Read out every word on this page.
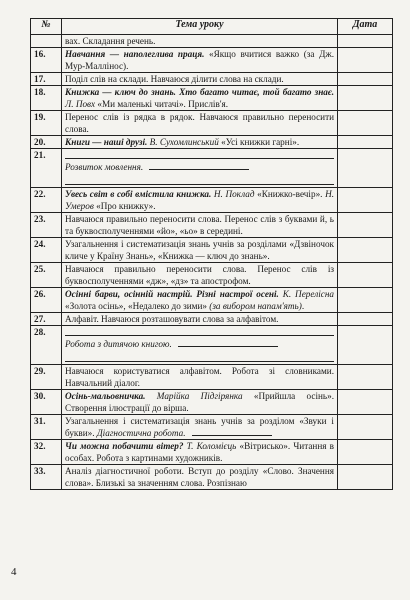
№	Тема уроку	Дата
	вах. Складання речень.	
16.	Навчання — наполеглива праця. «Якщо вчитися важко (за Дж. Мур-Маллінос).	
17.	Поділ слів на склади. Навчаюся ділити слова на склади.	
18.	Книжка — ключ до знань. Хто багато читає, той багато знає. Л. Повх «Ми маленькі читачі». Прислів'я.	
19.	Перенос слів із рядка в рядок. Навчаюся правильно переносити слова.	
20.	Книги — наші друзі. В. Сухомлинський «Усі книжки гарні».	
21.	Розвиток мовлення.

22.	Увесь світ в собі вмістила книжка. Н. Поклад «Книжко-вечір». Н. Умеров «Про книжку».	
23.	Навчаюся правильно переносити слова. Перенос слів з буквами й, ь та буквосполученнями «йо», «ьо» в середині.	
24.	Узагальнення і систематизація знань учнів за розділами «Дзвіночок кличе у Країну Знань», «Книжка — ключ до знань».	
25.	Навчаюся правильно переносити слова. Перенос слів із буквосполученнями «дж», «дз» та апострофом.	
26.	Осінні барви, осінній настрій. Різні настрої осені. К. Перелісна «Золота осінь», «Недалеко до зими» (за вибором напам'ять).	
27.	Алфавіт. Навчаюся розташовувати слова за алфавітом.	
28.	Робота з дитячою книгою.

29.	Навчаюся користуватися алфавітом. Робота зі словниками. Навчальний діалог.	
30.	Осінь-мальовничка. Марійка Підгірянка «Прийшла осінь». Створення ілюстрації до вірша.	
31.	Узагальнення і систематизація знань учнів за розділом «Звуки і букви». Діагностична робота.	
32.	Чи можна побачити вітер? Т. Коломієць «Вітрисько». Читання в особах. Робота з картинами художників.	
33.	Аналіз діагностичної роботи. Вступ до розділу «Слово. Значення слова». Близькі за значенням слова. Розпізнаю	
4
